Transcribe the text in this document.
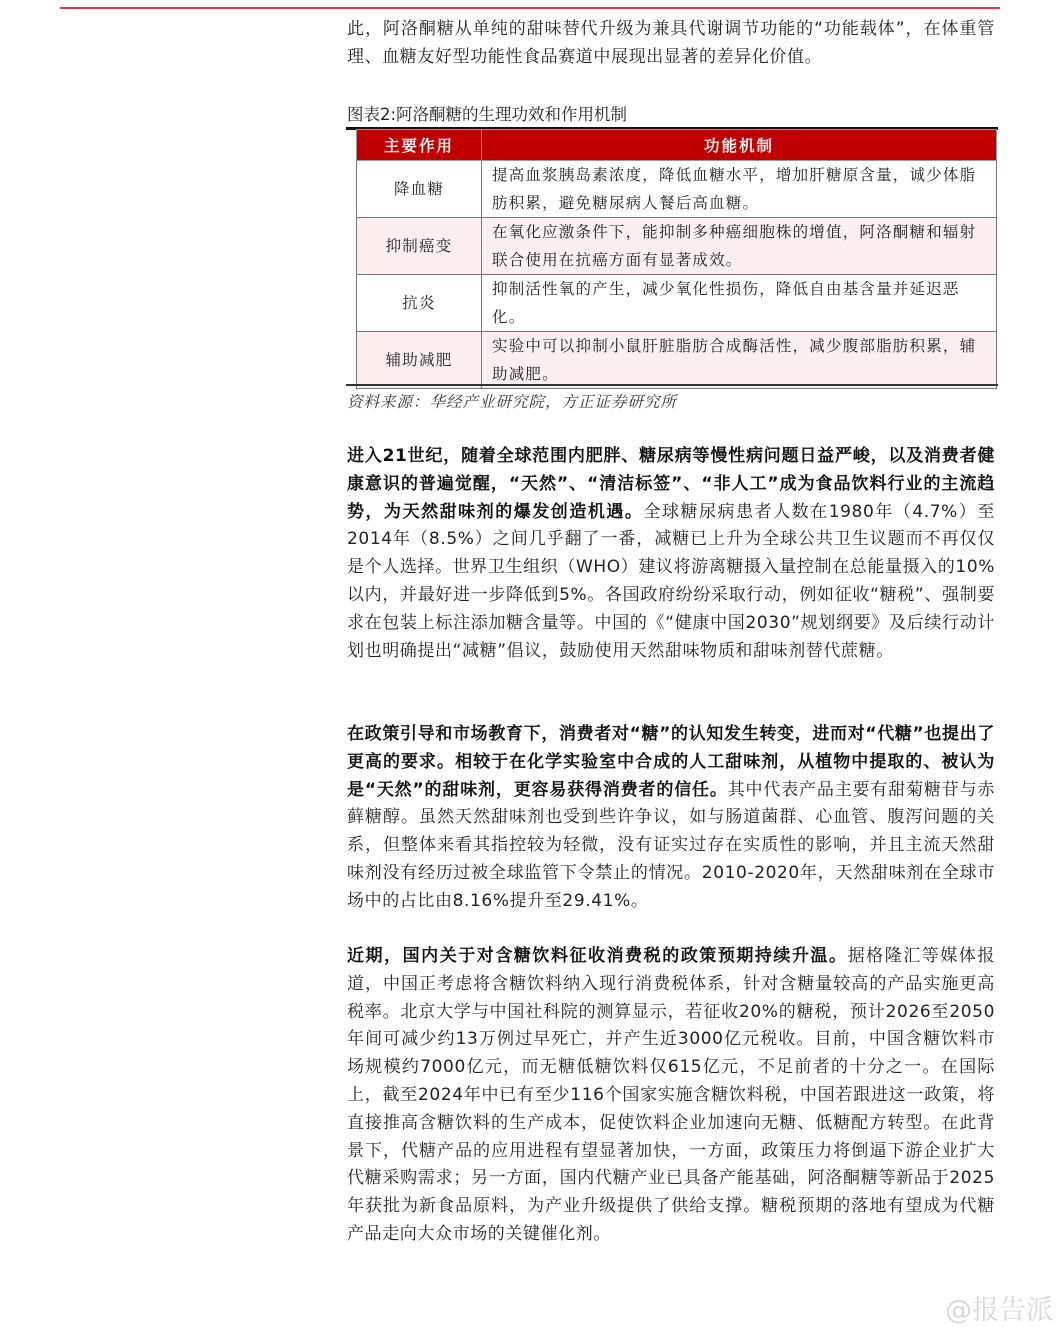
此，阿洛酮糖从单纯的甜味替代升级为兼具代谢调节功能的“功能载体”，在体重管理、血糖友好型功能性食品赛道中展现出显著的差异化价值。

图表2:阿洛酮糖的生理功效和作用机制
主要作用	功能机制
降血糖	提高血浆胰岛素浓度，降低血糖水平，增加肝糖原含量，诚少体脂肪积累，避免糖尿病人餐后高血糖。
抑制癌变	在氧化应激条件下，能抑制多种癌细胞株的增值，阿洛酮糖和辐射联合使用在抗癌方面有显著成效。
抗炎	抑制活性氧的产生，减少氧化性损伤，降低自由基含量并延迟恶化。
辅助减肥	实验中可以抑制小鼠肝脏脂肪合成酶活性，减少腹部脂肪积累，辅助减肥。
资料来源：华经产业研究院，方正证券研究所

进入21世纪，随着全球范围内肥胖、糖尿病等慢性病问题日益严峻，以及消费者健康意识的普遍觉醒，“天然”、“清洁标签”、“非人工”成为食品饮料行业的主流趋势，为天然甜味剂的爆发创造机遇。全球糖尿病患者人数在1980年（4.7%）至2014年（8.5%）之间几乎翻了一番，减糖已上升为全球公共卫生议题而不再仅仅是个人选择。世界卫生组织（WHO）建议将游离糖摄入量控制在总能量摄入的10%以内，并最好进一步降低到5%。各国政府纷纷采取行动，例如征收“糖税”、强制要求在包装上标注添加糖含量等。中国的《“健康中国2030”规划纲要》及后续行动计划也明确提出“减糖”倡议，鼓励使用天然甜味物质和甜味剂替代蔗糖。

在政策引导和市场教育下，消费者对“糖”的认知发生转变，进而对“代糖”也提出了更高的要求。相较于在化学实验室中合成的人工甜味剂，从植物中提取的、被认为是“天然”的甜味剂，更容易获得消费者的信任。其中代表产品主要有甜菊糖苷与赤藓糖醇。虽然天然甜味剂也受到些许争议，如与肠道菌群、心血管、腹泻问题的关系，但整体来看其指控较为轻微，没有证实过存在实质性的影响，并且主流天然甜味剂没有经历过被全球监管下令禁止的情况。2010-2020年，天然甜味剂在全球市场中的占比由8.16%提升至29.41%。

近期，国内关于对含糖饮料征收消费税的政策预期持续升温。据格隆汇等媒体报道，中国正考虑将含糖饮料纳入现行消费税体系，针对含糖量较高的产品实施更高税率。北京大学与中国社科院的测算显示，若征收20%的糖税，预计2026至2050年间可减少约13万例过早死亡，并产生近3000亿元税收。目前，中国含糖饮料市场规模约7000亿元，而无糖低糖饮料仅615亿元，不足前者的十分之一。在国际上，截至2024年中已有至少116个国家实施含糖饮料税，中国若跟进这一政策，将直接推高含糖饮料的生产成本，促使饮料企业加速向无糖、低糖配方转型。在此背景下，代糖产品的应用进程有望显著加快，一方面，政策压力将倒逼下游企业扩大代糖采购需求；另一方面，国内代糖产业已具备产能基础，阿洛酮糖等新品于2025年获批为新食品原料，为产业升级提供了供给支撑。糖税预期的落地有望成为代糖产品走向大众市场的关键催化剂。

@报告派
